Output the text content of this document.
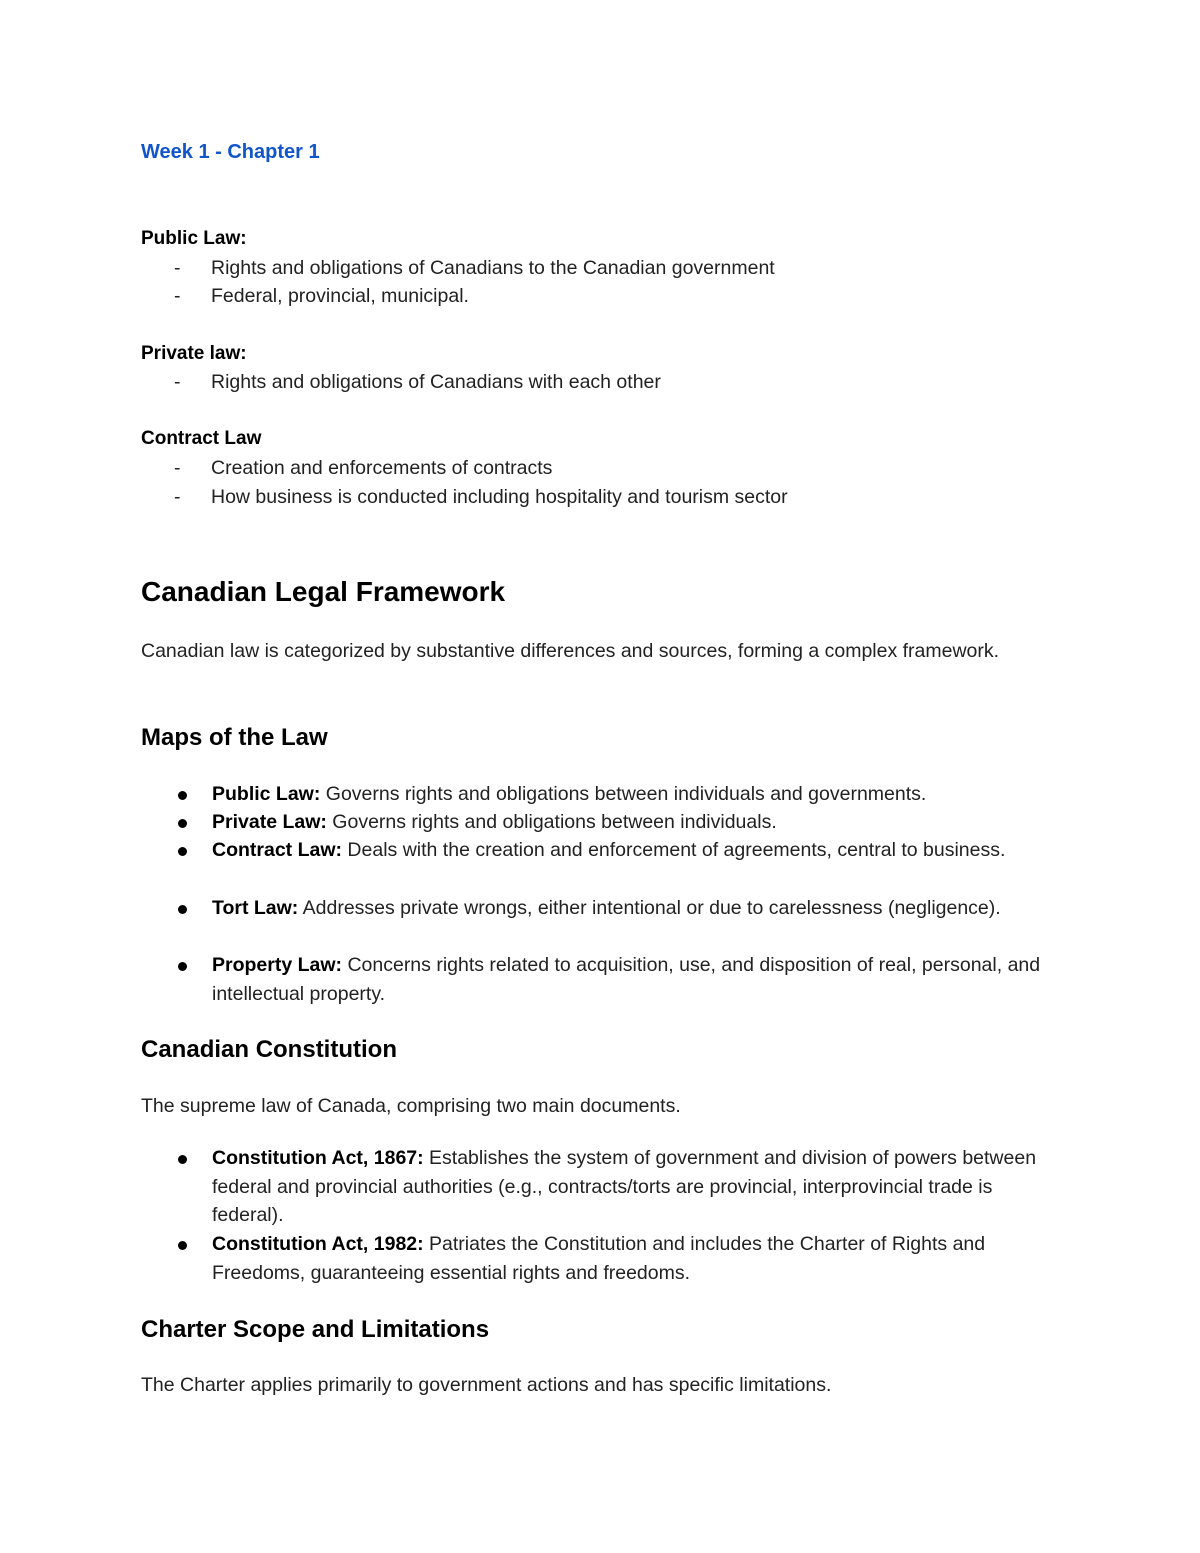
Week 1 - Chapter 1
Public Law:
- Rights and obligations of Canadians to the Canadian government
- Federal, provincial, municipal.
Private law:
- Rights and obligations of Canadians with each other
Contract Law
- Creation and enforcements of contracts
- How business is conducted including hospitality and tourism sector
Canadian Legal Framework
Canadian law is categorized by substantive differences and sources, forming a complex framework.
Maps of the Law
Public Law: Governs rights and obligations between individuals and governments.
Private Law: Governs rights and obligations between individuals.
Contract Law: Deals with the creation and enforcement of agreements, central to business.
Tort Law: Addresses private wrongs, either intentional or due to carelessness (negligence).
Property Law: Concerns rights related to acquisition, use, and disposition of real, personal, and intellectual property.
Canadian Constitution
The supreme law of Canada, comprising two main documents.
Constitution Act, 1867: Establishes the system of government and division of powers between federal and provincial authorities (e.g., contracts/torts are provincial, interprovincial trade is federal).
Constitution Act, 1982: Patriates the Constitution and includes the Charter of Rights and Freedoms, guaranteeing essential rights and freedoms.
Charter Scope and Limitations
The Charter applies primarily to government actions and has specific limitations.
